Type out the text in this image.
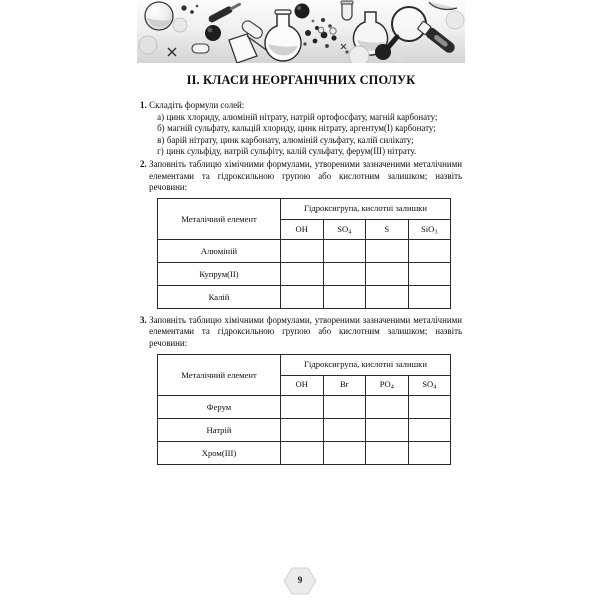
II. КЛАСИ НЕОРГАНІЧНИХ СПОЛУК
1. Складіть формули солей:
а) цинк хлориду, алюміній нітрату, натрій ортофосфату, магній карбонату;
б) магній сульфату, кальцій хлориду, цинк нітрату, аргентум(I) карбонату;
в) барій нітрату, цинк карбонату, алюміній сульфату, калій силікату;
г) цинк сульфіду, натрій сульфіту, калій сульфату, ферум(III) нітрату.
2. Заповніть таблицю хімічними формулами, утвореними зазначеними металічними елементами та гідроксильною групою або кислотним залишком; назвіть речовини:
Металічний елемент	Гідроксигрупа, кислотні залишки			
	OH	$SO_4$	S	SiO$_3$
Алюміній				
Купрум(II)				
Калій				
3. Заповніть таблицю хімічними формулами, утвореними зазначеними металічними елементами та гідроксильною групою або кислотним залишком; назвіть речовини:
Металічний елемент	Гідроксигрупа, кислотні залишки			
	OH	Br	$PO_4$	$SO_4$
Ферум				
Натрій				
Хром(III)				
9
